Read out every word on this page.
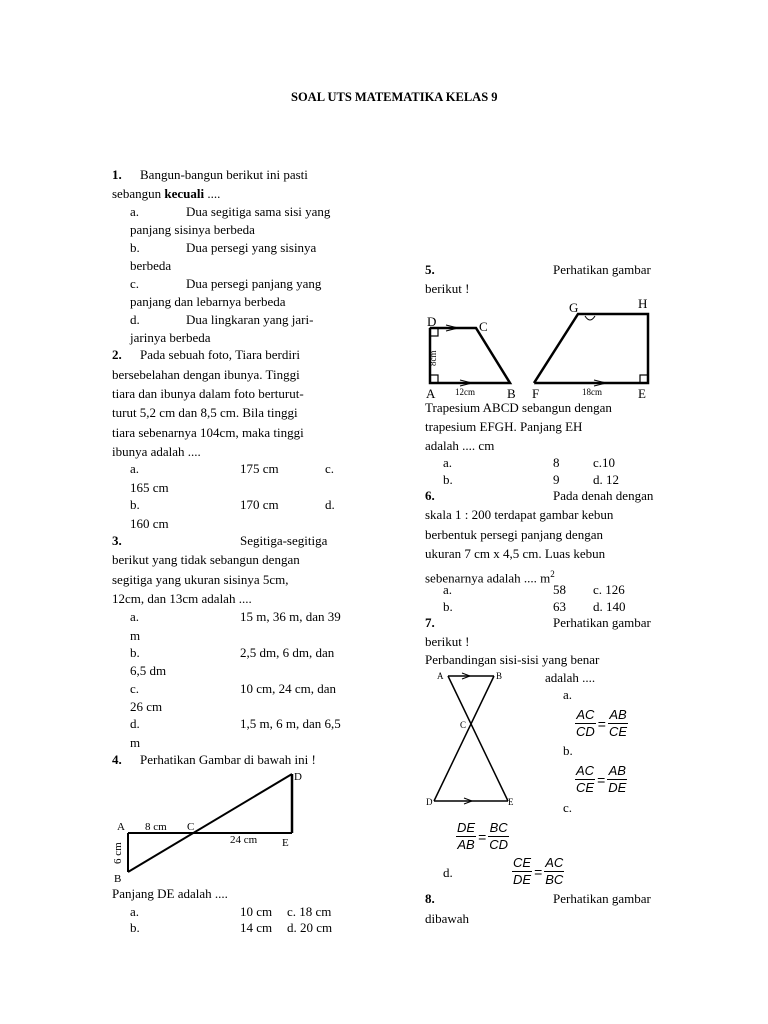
SOAL UTS MATEMATIKA KELAS 9
1. Bangun-bangun berikut ini pasti
sebangun kecuali ....
a.	Dua segitiga sama sisi yang
panjang sisinya berbeda
b.	Dua persegi yang sisinya
berbeda
c.	Dua persegi panjang yang
panjang dan lebarnya berbeda
d.	Dua lingkaran yang jari-
jarinya berbeda
2. Pada sebuah foto, Tiara berdiri
bersebelahan dengan ibunya. Tinggi
tiara dan ibunya dalam foto berturut-
turut 5,2 cm dan 8,5 cm. Bila tinggi
tiara sebenarnya 104cm, maka tinggi
ibunya adalah ....
a.	175 cm	c.
165 cm
b.	170 cm	d.
160 cm
3.	Segitiga-segitiga
berikut yang tidak sebangun dengan
segitiga yang ukuran sisinya 5cm,
12cm, dan 13cm adalah ....
a.	15 m, 36 m, dan 39
m
b.	2,5 dm, 6 dm, dan
6,5 dm
c.	10 cm, 24 cm, dan
26 cm
d.	1,5 m, 6 m, dan 6,5
m
4. Perhatikan Gambar di bawah ini !
A
B
C
D
E
8 cm
24 cm
6 cm
Panjang DE adalah ....
a.	10 cm c. 18 cm
b.	14 cm d. 20 cm
5.	Perhatikan gambar
berikut !
D	C
A	B
8cm
12cm
G	H
F	E
18cm
Trapesium ABCD sebangun dengan
trapesium EFGH. Panjang EH
adalah .... cm
a.	8	c.10
b.	9	d. 12
6.	Pada denah dengan
skala 1 : 200 terdapat gambar kebun
berbentuk persegi panjang dengan
ukuran 7 cm x 4,5 cm. Luas kebun
sebenarnya adalah .... $m^2$
a.	58 c. 126
b.	63 d. 140
7.	Perhatikan gambar
berikut !
Perbandingan sisi-sisi yang benar
adalah ....
A	B
C
D	E
a.
$\frac{AC}{CD} = \frac{AB}{CE}$
b.
$\frac{AC}{CE} = \frac{AB}{DE}$
c.
$\frac{DE}{AB} = \frac{BC}{CD}$
d.	$\frac{CE}{DE} = \frac{AC}{BC}$
8.	Perhatikan gambar
dibawah
